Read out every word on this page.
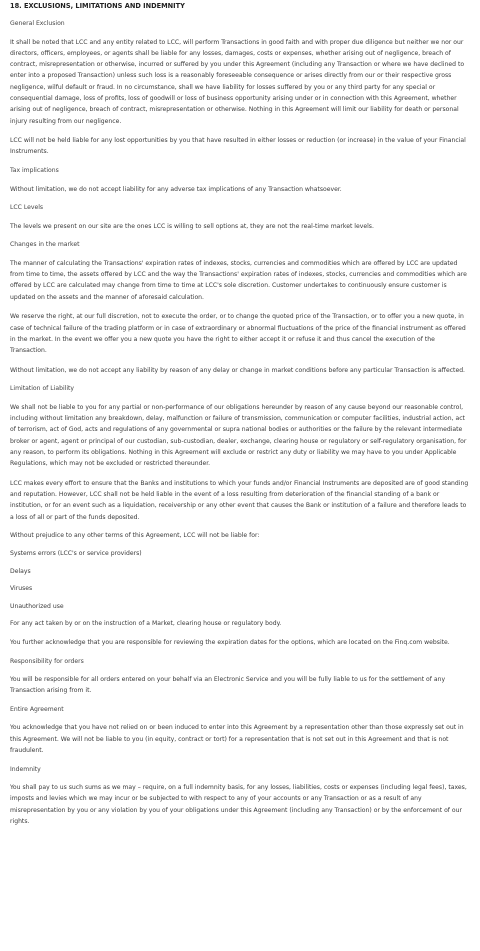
18. EXCLUSIONS, LIMITATIONS AND INDEMNITY
General Exclusion
It shall be noted that LCC and any entity related to LCC, will perform Transactions in good faith and with proper due diligence but neither we nor our directors, officers, employees, or agents shall be liable for any losses, damages, costs or expenses, whether arising out of negligence, breach of contract, misrepresentation or otherwise, incurred or suffered by you under this Agreement (including any Transaction or where we have declined to enter into a proposed Transaction) unless such loss is a reasonably foreseeable consequence or arises directly from our or their respective gross negligence, wilful default or fraud. In no circumstance, shall we have liability for losses suffered by you or any third party for any special or consequential damage, loss of profits, loss of goodwill or loss of business opportunity arising under or in connection with this Agreement, whether arising out of negligence, breach of contract, misrepresentation or otherwise. Nothing in this Agreement will limit our liability for death or personal injury resulting from our negligence.
LCC will not be held liable for any lost opportunities by you that have resulted in either losses or reduction (or increase) in the value of your Financial Instruments.
Tax implications
Without limitation, we do not accept liability for any adverse tax implications of any Transaction whatsoever.
LCC Levels
The levels we present on our site are the ones LCC is willing to sell options at, they are not the real-time market levels.
Changes in the market
The manner of calculating the Transactions' expiration rates of indexes, stocks, currencies and commodities which are offered by LCC are updated from time to time, the assets offered by LCC and the way the Transactions' expiration rates of indexes, stocks, currencies and commodities which are offered by LCC are calculated may change from time to time at LCC's sole discretion. Customer undertakes to continuously ensure customer is updated on the assets and the manner of aforesaid calculation.
We reserve the right, at our full discretion, not to execute the order, or to change the quoted price of the Transaction, or to offer you a new quote, in case of technical failure of the trading platform or in case of extraordinary or abnormal fluctuations of the price of the financial instrument as offered in the market. In the event we offer you a new quote you have the right to either accept it or refuse it and thus cancel the execution of the Transaction.
Without limitation, we do not accept any liability by reason of any delay or change in market conditions before any particular Transaction is affected.
Limitation of Liability
We shall not be liable to you for any partial or non-performance of our obligations hereunder by reason of any cause beyond our reasonable control, including without limitation any breakdown, delay, malfunction or failure of transmission, communication or computer facilities, industrial action, act of terrorism, act of God, acts and regulations of any governmental or supra national bodies or authorities or the failure by the relevant intermediate broker or agent, agent or principal of our custodian, sub-custodian, dealer, exchange, clearing house or regulatory or self-regulatory organisation, for any reason, to perform its obligations. Nothing in this Agreement will exclude or restrict any duty or liability we may have to you under Applicable Regulations, which may not be excluded or restricted thereunder.
LCC makes every effort to ensure that the Banks and institutions to which your funds and/or Financial Instruments are deposited are of good standing and reputation. However, LCC shall not be held liable in the event of a loss resulting from deterioration of the financial standing of a bank or institution, or for an event such as a liquidation, receivership or any other event that causes the Bank or institution of a failure and therefore leads to a loss of all or part of the funds deposited.
Without prejudice to any other terms of this Agreement, LCC will not be liable for:
Systems errors (LCC's or service providers)
Delays
Viruses
Unauthorized use
For any act taken by or on the instruction of a Market, clearing house or regulatory body.
You further acknowledge that you are responsible for reviewing the expiration dates for the options, which are located on the Finq.com website.
Responsibility for orders
You will be responsible for all orders entered on your behalf via an Electronic Service and you will be fully liable to us for the settlement of any Transaction arising from it.
Entire Agreement
You acknowledge that you have not relied on or been induced to enter into this Agreement by a representation other than those expressly set out in this Agreement. We will not be liable to you (in equity, contract or tort) for a representation that is not set out in this Agreement and that is not fraudulent.
Indemnity
You shall pay to us such sums as we may – require, on a full indemnity basis, for any losses, liabilities, costs or expenses (including legal fees), taxes, imposts and levies which we may incur or be subjected to with respect to any of your accounts or any Transaction or as a result of any misrepresentation by you or any violation by you of your obligations under this Agreement (including any Transaction) or by the enforcement of our rights.
